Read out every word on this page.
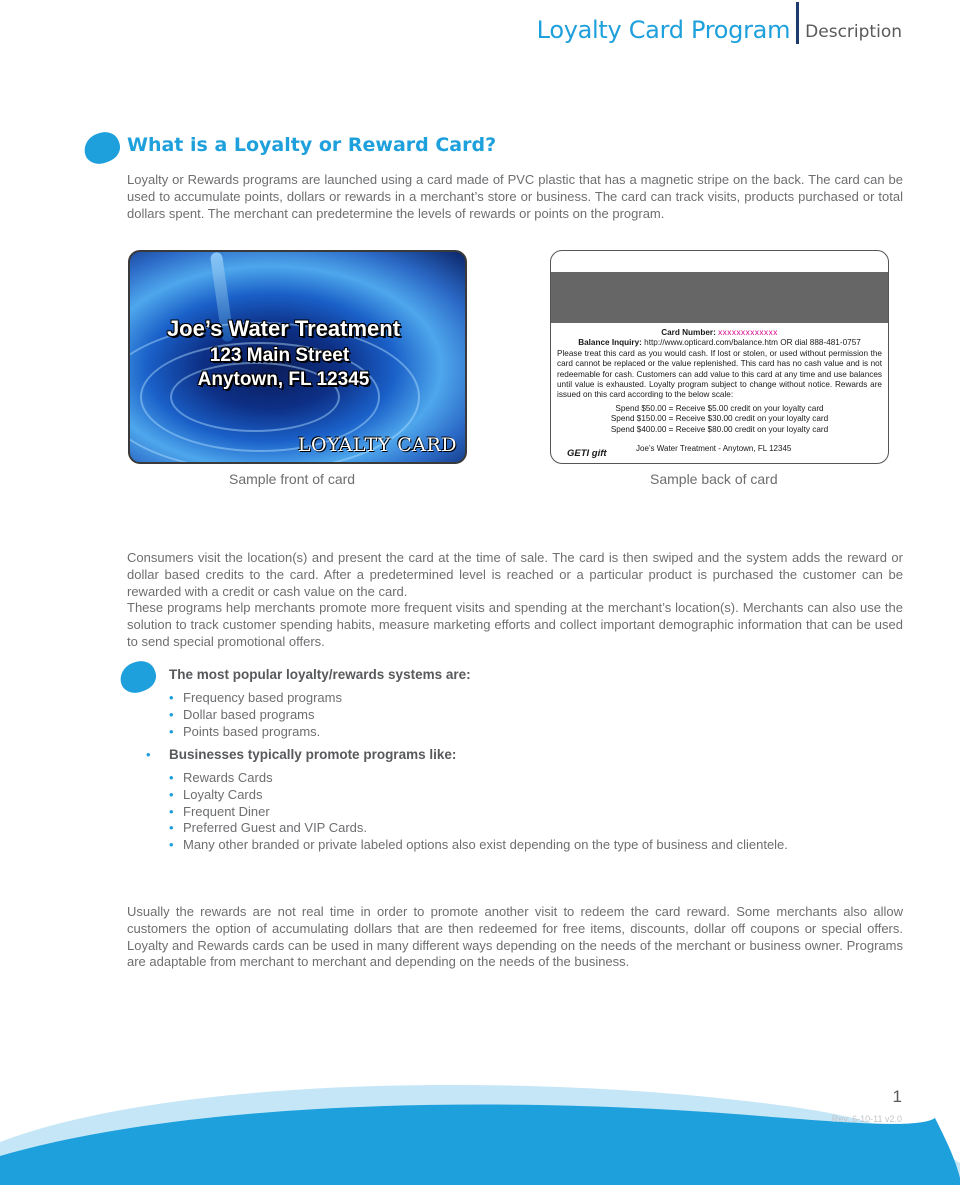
Loyalty Card Program Description
What is a Loyalty or Reward Card?

Loyalty or Rewards programs are launched using a card made of PVC plastic that has a magnetic stripe on the back. The card can be used to accumulate points, dollars or rewards in a merchant’s store or business. The card can track visits, products purchased or total dollars spent. The merchant can predetermine the levels of rewards or points on the program.

Joe’s Water Treatment
123 Main Street
Anytown, FL 12345
LOYALTY CARD
Card Number: xxxxxxxxxxxxx
Balance Inquiry: http://www.opticard.com/balance.htm OR dial 888-481-0757
Please treat this card as you would cash. If lost or stolen, or used without permission the card cannot be replaced or the value replenished. This card has no cash value and is not redeemable for cash. Customers can add value to this card at any time and use balances until value is exhausted. Loyalty program subject to change without notice. Rewards are issued on this card according to the below scale:
Spend $50.00 = Receive $5.00 credit on your loyalty card
Spend $150.00 = Receive $30.00 credit on your loyalty card
Spend $400.00 = Receive $80.00 credit on your loyalty card
GETI gift	Joe’s Water Treatment - Anytown, FL 12345
Sample front of card	Sample back of card

Consumers visit the location(s) and present the card at the time of sale. The card is then swiped and the system adds the reward or dollar based credits to the card. After a predetermined level is reached or a particular product is purchased the customer can be rewarded with a credit or cash value on the card.

These programs help merchants promote more frequent visits and spending at the merchant’s location(s). Merchants can also use the solution to track customer spending habits, measure marketing efforts and collect important demographic information that can be used to send special promotional offers.

The most popular loyalty/rewards systems are:
• Frequency based programs
• Dollar based programs
• Points based programs.
• Businesses typically promote programs like:
• Rewards Cards
• Loyalty Cards
• Frequent Diner
• Preferred Guest and VIP Cards.
• Many other branded or private labeled options also exist depending on the type of business and clientele.

Usually the rewards are not real time in order to promote another visit to redeem the card reward. Some merchants also allow customers the option of accumulating dollars that are then redeemed for free items, discounts, dollar off coupons or special offers. Loyalty and Rewards cards can be used in many different ways depending on the needs of the merchant or business owner. Programs are adaptable from merchant to merchant and depending on the needs of the business.

1
Rev. 6-10-11 v2.0
